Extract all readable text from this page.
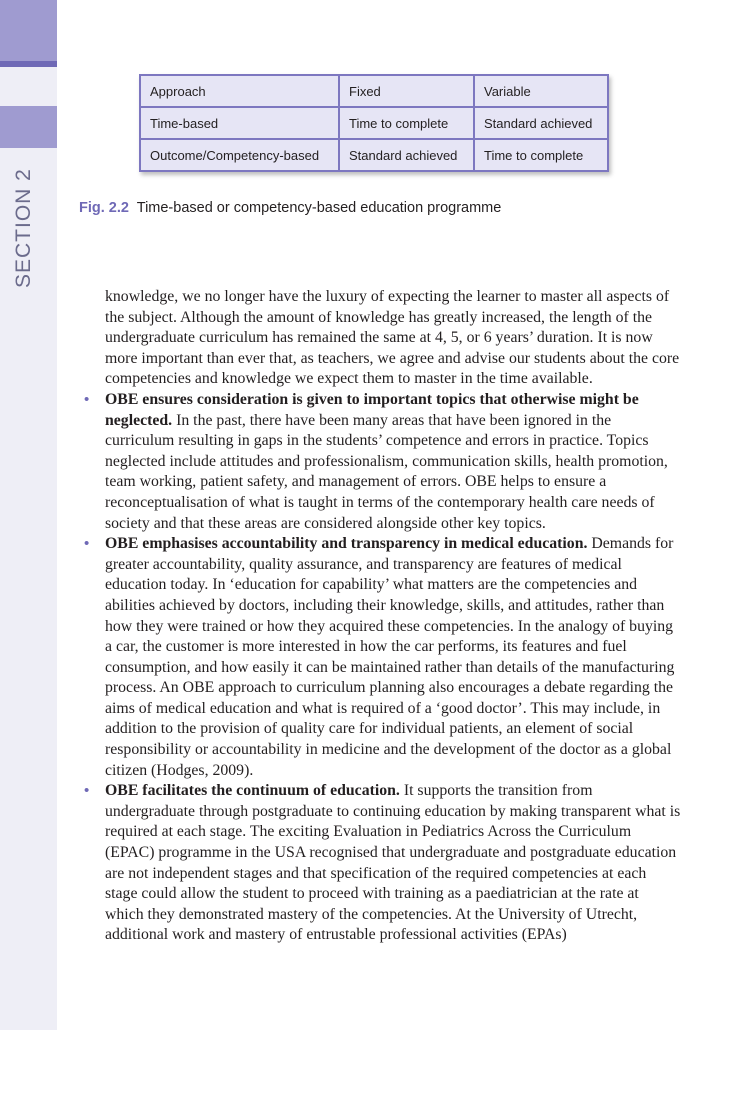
SECTION 2
Approach	Fixed	Variable
Time-based	Time to complete	Standard achieved
Outcome/Competency-based	Standard achieved	Time to complete
Fig. 2.2 Time-based or competency-based education programme

knowledge, we no longer have the luxury of expecting the learner to master all aspects of the subject. Although the amount of knowledge has greatly increased, the length of the undergraduate curriculum has remained the same at 4, 5, or 6 years’ duration. It is now more important than ever that, as teachers, we agree and advise our students about the core competencies and knowledge we expect them to master in the time available.

• OBE ensures consideration is given to important topics that otherwise might be neglected. In the past, there have been many areas that have been ignored in the curriculum resulting in gaps in the students’ competence and errors in practice. Topics neglected include attitudes and professionalism, communication skills, health promotion, team working, patient safety, and management of errors. OBE helps to ensure a reconceptualisation of what is taught in terms of the contemporary health care needs of society and that these areas are considered alongside other key topics.
• OBE emphasises accountability and transparency in medical education. Demands for greater accountability, quality assurance, and transparency are features of medical education today. In ‘education for capability’ what matters are the competencies and abilities achieved by doctors, including their knowledge, skills, and attitudes, rather than how they were trained or how they acquired these competencies. In the analogy of buying a car, the customer is more interested in how the car performs, its features and fuel consumption, and how easily it can be maintained rather than details of the manufacturing process. An OBE approach to curriculum planning also encourages a debate regarding the aims of medical education and what is required of a ‘good doctor’. This may include, in addition to the provision of quality care for individual patients, an element of social responsibility or accountability in medicine and the development of the doctor as a global citizen (Hodges, 2009).
• OBE facilitates the continuum of education. It supports the transition from undergraduate through postgraduate to continuing education by making transparent what is required at each stage. The exciting Evaluation in Pediatrics Across the Curriculum (EPAC) programme in the USA recognised that undergraduate and postgraduate education are not independent stages and that specification of the required competencies at each stage could allow the student to proceed with training as a paediatrician at the rate at which they demonstrated mastery of the competencies. At the University of Utrecht, additional work and mastery of entrustable professional activities (EPAs)
